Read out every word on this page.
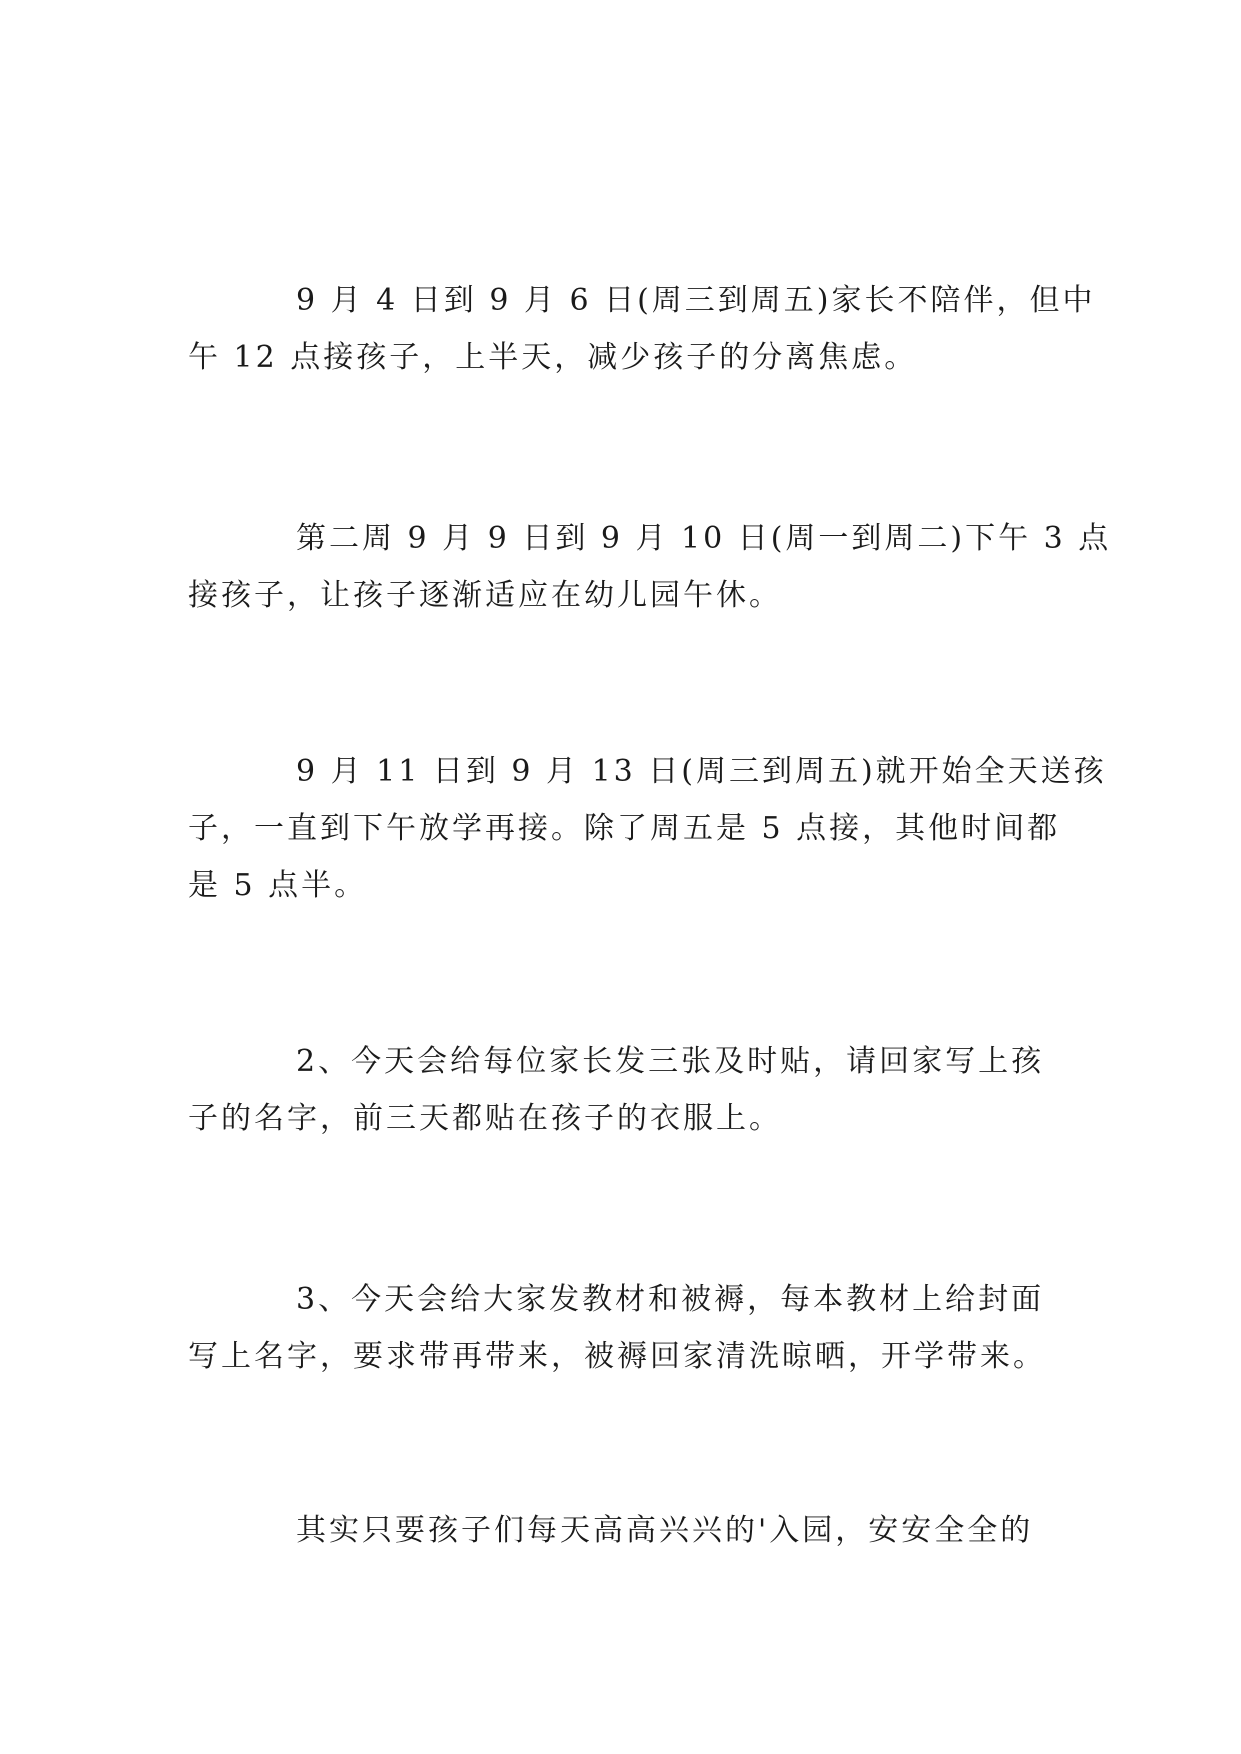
9 月 4 日到 9 月 6 日(周三到周五)家长不陪伴，但中
午 12 点接孩子，上半天，减少孩子的分离焦虑。
第二周 9 月 9 日到 9 月 10 日(周一到周二)下午 3 点
接孩子，让孩子逐渐适应在幼儿园午休。
9 月 11 日到 9 月 13 日(周三到周五)就开始全天送孩
子，一直到下午放学再接。除了周五是 5 点接，其他时间都
是 5 点半。
2、今天会给每位家长发三张及时贴，请回家写上孩
子的名字，前三天都贴在孩子的衣服上。
3、今天会给大家发教材和被褥，每本教材上给封面
写上名字，要求带再带来，被褥回家清洗晾晒，开学带来。
其实只要孩子们每天高高兴兴的'入园，安安全全的
